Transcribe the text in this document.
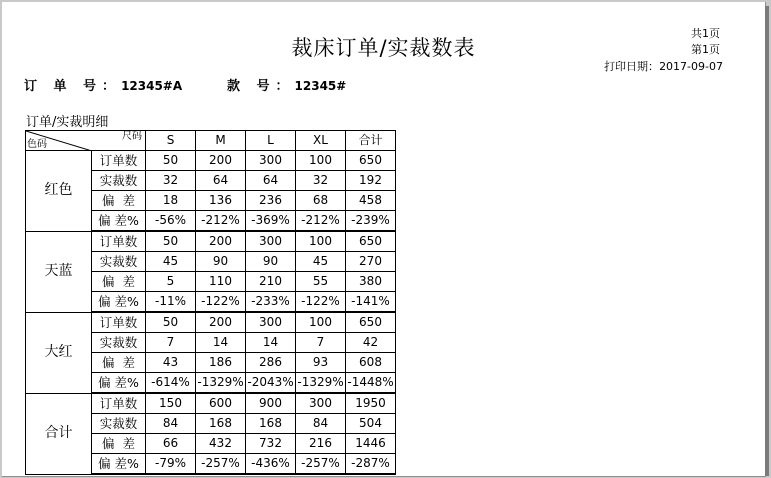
裁床订单/实裁数表
共1页
第1页
打印日期：2017-09-07
订 单 号：12345#A	款 号：12345#
订单/实裁明细
尺码
色码		S	M	L	XL	合计
红色	订单数	50	200	300	100	650
	实裁数	32	64	64	32	192
	偏  差	18	136	236	68	458
	偏 差%	-56%	-212%	-369%	-212%	-239%
天蓝	订单数	50	200	300	100	650
	实裁数	45	90	90	45	270
	偏  差	5	110	210	55	380
	偏 差%	-11%	-122%	-233%	-122%	-141%
大红	订单数	50	200	300	100	650
	实裁数	7	14	14	7	42
	偏  差	43	186	286	93	608
	偏 差%	-614%	-1329%	-2043%	-1329%	-1448%
合计	订单数	150	600	900	300	1950
	实裁数	84	168	168	84	504
	偏  差	66	432	732	216	1446
	偏 差%	-79%	-257%	-436%	-257%	-287%
